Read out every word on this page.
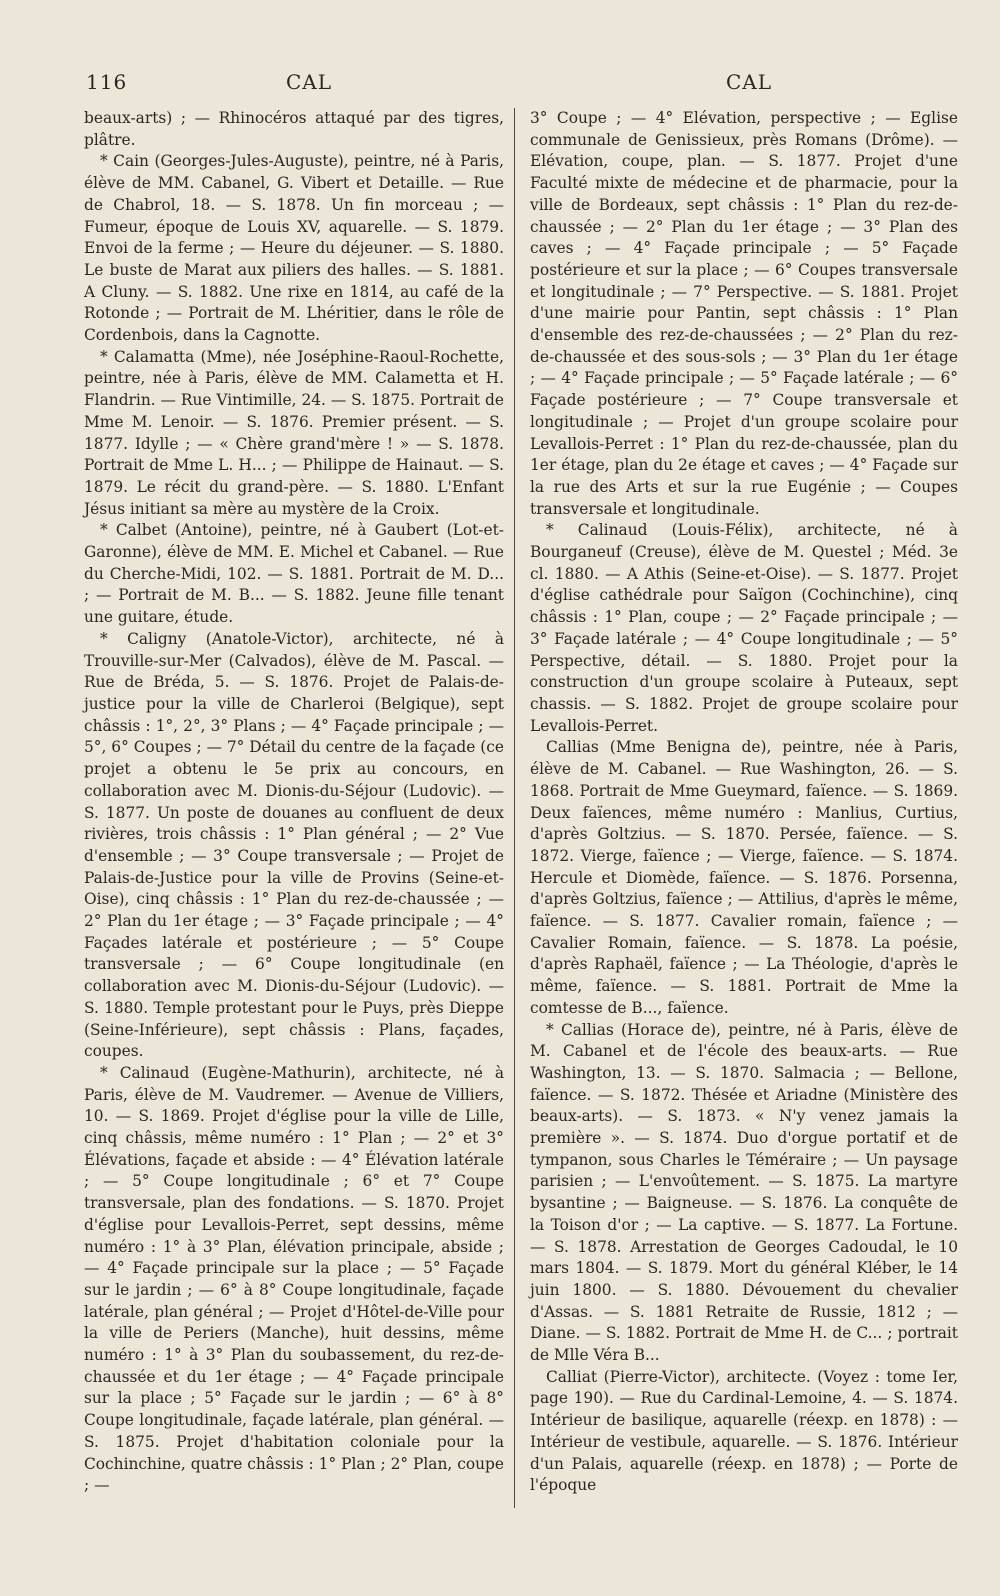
116	CAL	CAL

beaux-arts) ; — Rhinocéros attaqué par des tigres, plâtre.

* Cain (Georges-Jules-Auguste), peintre, né à Paris, élève de MM. Cabanel, G. Vibert et Detaille. — Rue de Chabrol, 18. — S. 1878. Un fin morceau ; — Fumeur, époque de Louis XV, aquarelle. — S. 1879. Envoi de la ferme ; — Heure du déjeuner. — S. 1880. Le buste de Marat aux piliers des halles. — S. 1881. A Cluny. — S. 1882. Une rixe en 1814, au café de la Rotonde ; — Portrait de M. Lhéritier, dans le rôle de Cordenbois, dans la Cagnotte.

* Calamatta (Mme), née Joséphine-Raoul-Rochette, peintre, née à Paris, élève de MM. Calametta et H. Flandrin. — Rue Vintimille, 24. — S. 1875. Portrait de Mme M. Lenoir. — S. 1876. Premier présent. — S. 1877. Idylle ; — « Chère grand'mère ! » — S. 1878. Portrait de Mme L. H... ; — Philippe de Hainaut. — S. 1879. Le récit du grand-père. — S. 1880. L'Enfant Jésus initiant sa mère au mystère de la Croix.

* Calbet (Antoine), peintre, né à Gaubert (Lot-et-Garonne), élève de MM. E. Michel et Cabanel. — Rue du Cherche-Midi, 102. — S. 1881. Portrait de M. D... ; — Portrait de M. B... — S. 1882. Jeune fille tenant une guitare, étude.

* Caligny (Anatole-Victor), architecte, né à Trouville-sur-Mer (Calvados), élève de M. Pascal. — Rue de Bréda, 5. — S. 1876. Projet de Palais-de-justice pour la ville de Charleroi (Belgique), sept châssis : 1°, 2°, 3° Plans ; — 4° Façade principale ; — 5°, 6° Coupes ; — 7° Détail du centre de la façade (ce projet a obtenu le 5e prix au concours, en collaboration avec M. Dionis-du-Séjour (Ludovic). — S. 1877. Un poste de douanes au confluent de deux rivières, trois châssis : 1° Plan général ; — 2° Vue d'ensemble ; — 3° Coupe transversale ; — Projet de Palais-de-Justice pour la ville de Provins (Seine-et-Oise), cinq châssis : 1° Plan du rez-de-chaussée ; — 2° Plan du 1er étage ; — 3° Façade principale ; — 4° Façades latérale et postérieure ; — 5° Coupe transversale ; — 6° Coupe longitudinale (en collaboration avec M. Dionis-du-Séjour (Ludovic). — S. 1880. Temple protestant pour le Puys, près Dieppe (Seine-Inférieure), sept châssis : Plans, façades, coupes.

* Calinaud (Eugène-Mathurin), architecte, né à Paris, élève de M. Vaudremer. — Avenue de Villiers, 10. — S. 1869. Projet d'église pour la ville de Lille, cinq châssis, même numéro : 1° Plan ; — 2° et 3° Élévations, façade et abside : — 4° Élévation latérale ; — 5° Coupe longitudinale ; 6° et 7° Coupe transversale, plan des fondations. — S. 1870. Projet d'église pour Levallois-Perret, sept dessins, même numéro : 1° à 3° Plan, élévation principale, abside ; — 4° Façade principale sur la place ; — 5° Façade sur le jardin ; — 6° à 8° Coupe longitudinale, façade latérale, plan général ; — Projet d'Hôtel-de-Ville pour la ville de Periers (Manche), huit dessins, même numéro : 1° à 3° Plan du soubassement, du rez-de-chaussée et du 1er étage ; — 4° Façade principale sur la place ; 5° Façade sur le jardin ; — 6° à 8° Coupe longitudinale, façade latérale, plan général. — S. 1875. Projet d'habitation coloniale pour la Cochinchine, quatre châssis : 1° Plan ; 2° Plan, coupe ; —

3° Coupe ; — 4° Elévation, perspective ; — Eglise communale de Genissieux, près Romans (Drôme). — Elévation, coupe, plan. — S. 1877. Projet d'une Faculté mixte de médecine et de pharmacie, pour la ville de Bordeaux, sept châssis : 1° Plan du rez-de-chaussée ; — 2° Plan du 1er étage ; — 3° Plan des caves ; — 4° Façade principale ; — 5° Façade postérieure et sur la place ; — 6° Coupes transversale et longitudinale ; — 7° Perspective. — S. 1881. Projet d'une mairie pour Pantin, sept châssis : 1° Plan d'ensemble des rez-de-chaussées ; — 2° Plan du rez-de-chaussée et des sous-sols ; — 3° Plan du 1er étage ; — 4° Façade principale ; — 5° Façade latérale ; — 6° Façade postérieure ; — 7° Coupe transversale et longitudinale ; — Projet d'un groupe scolaire pour Levallois-Perret : 1° Plan du rez-de-chaussée, plan du 1er étage, plan du 2e étage et caves ; — 4° Façade sur la rue des Arts et sur la rue Eugénie ; — Coupes transversale et longitudinale.

* Calinaud (Louis-Félix), architecte, né à Bourganeuf (Creuse), élève de M. Questel ; Méd. 3e cl. 1880. — A Athis (Seine-et-Oise). — S. 1877. Projet d'église cathédrale pour Saïgon (Cochinchine), cinq châssis : 1° Plan, coupe ; — 2° Façade principale ; — 3° Façade latérale ; — 4° Coupe longitudinale ; — 5° Perspective, détail. — S. 1880. Projet pour la construction d'un groupe scolaire à Puteaux, sept chassis. — S. 1882. Projet de groupe scolaire pour Levallois-Perret.

Callias (Mme Benigna de), peintre, née à Paris, élève de M. Cabanel. — Rue Washington, 26. — S. 1868. Portrait de Mme Gueymard, faïence. — S. 1869. Deux faïences, même numéro : Manlius, Curtius, d'après Goltzius. — S. 1870. Persée, faïence. — S. 1872. Vierge, faïence ; — Vierge, faïence. — S. 1874. Hercule et Diomède, faïence. — S. 1876. Porsenna, d'après Goltzius, faïence ; — Attilius, d'après le même, faïence. — S. 1877. Cavalier romain, faïence ; — Cavalier Romain, faïence. — S. 1878. La poésie, d'après Raphaël, faïence ; — La Théologie, d'après le même, faïence. — S. 1881. Portrait de Mme la comtesse de B..., faïence.

* Callias (Horace de), peintre, né à Paris, élève de M. Cabanel et de l'école des beaux-arts. — Rue Washington, 13. — S. 1870. Salmacia ; — Bellone, faïence. — S. 1872. Thésée et Ariadne (Ministère des beaux-arts). — S. 1873. « N'y venez jamais la première ». — S. 1874. Duo d'orgue portatif et de tympanon, sous Charles le Téméraire ; — Un paysage parisien ; — L'envoûtement. — S. 1875. La martyre bysantine ; — Baigneuse. — S. 1876. La conquête de la Toison d'or ; — La captive. — S. 1877. La Fortune. — S. 1878. Arrestation de Georges Cadoudal, le 10 mars 1804. — S. 1879. Mort du général Kléber, le 14 juin 1800. — S. 1880. Dévouement du chevalier d'Assas. — S. 1881 Retraite de Russie, 1812 ; — Diane. — S. 1882. Portrait de Mme H. de C... ; portrait de Mlle Véra B...

Calliat (Pierre-Victor), architecte. (Voyez : tome Ier, page 190). — Rue du Cardinal-Lemoine, 4. — S. 1874. Intérieur de basilique, aquarelle (réexp. en 1878) : — Intérieur de vestibule, aquarelle. — S. 1876. Intérieur d'un Palais, aquarelle (réexp. en 1878) ; — Porte de l'époque
